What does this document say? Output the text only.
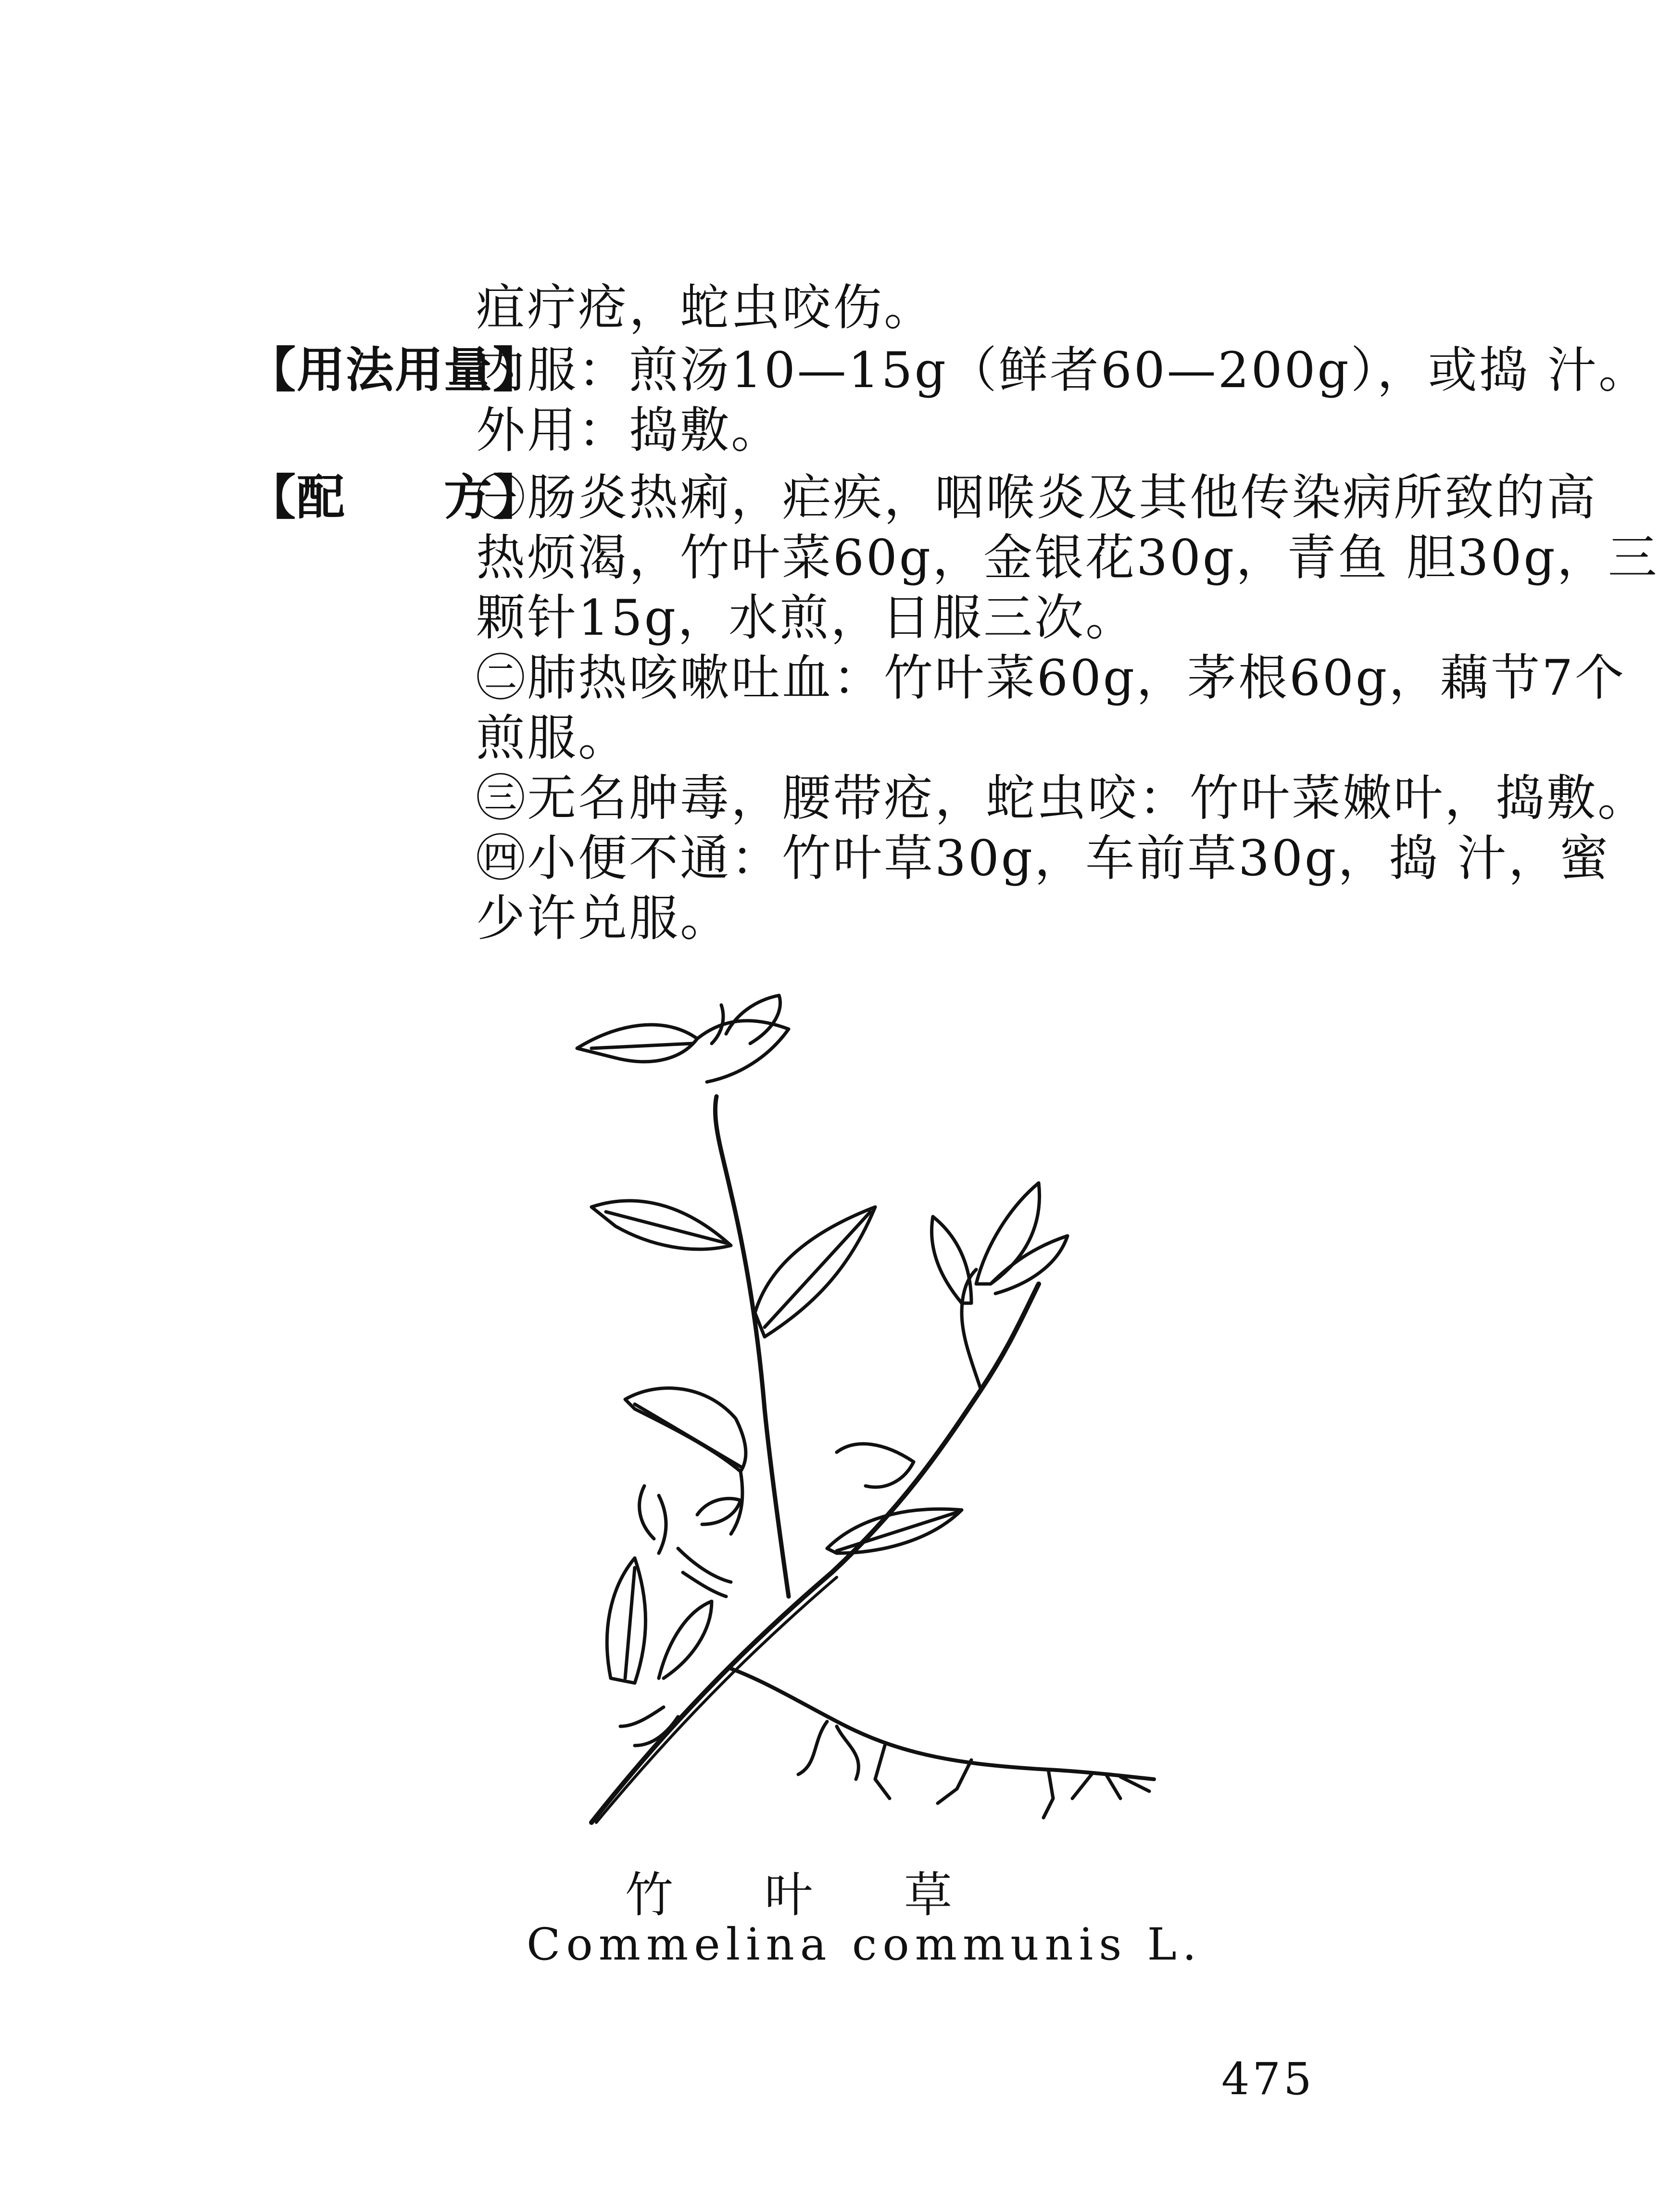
疽疔疮，蛇虫咬伤。
【用法用量】
内服：煎汤10—15g（鲜者60—200g），或捣 汁。
外用：捣敷。
【配　　方】
㊀肠炎热痢，疟疾，咽喉炎及其他传染病所致的高
热烦渴，竹叶菜60g，金银花30g，青鱼 胆30g，三
颗针15g，水煎，日服三次。
㊁肺热咳嗽吐血：竹叶菜60g，茅根60g，藕节7个
煎服。
㊂无名肿毒，腰带疮，蛇虫咬：竹叶菜嫩叶，捣敷。
㊃小便不通：竹叶草30g，车前草30g，捣 汁，蜜
少许兑服。
竹叶草
Commelina communis L.
475
